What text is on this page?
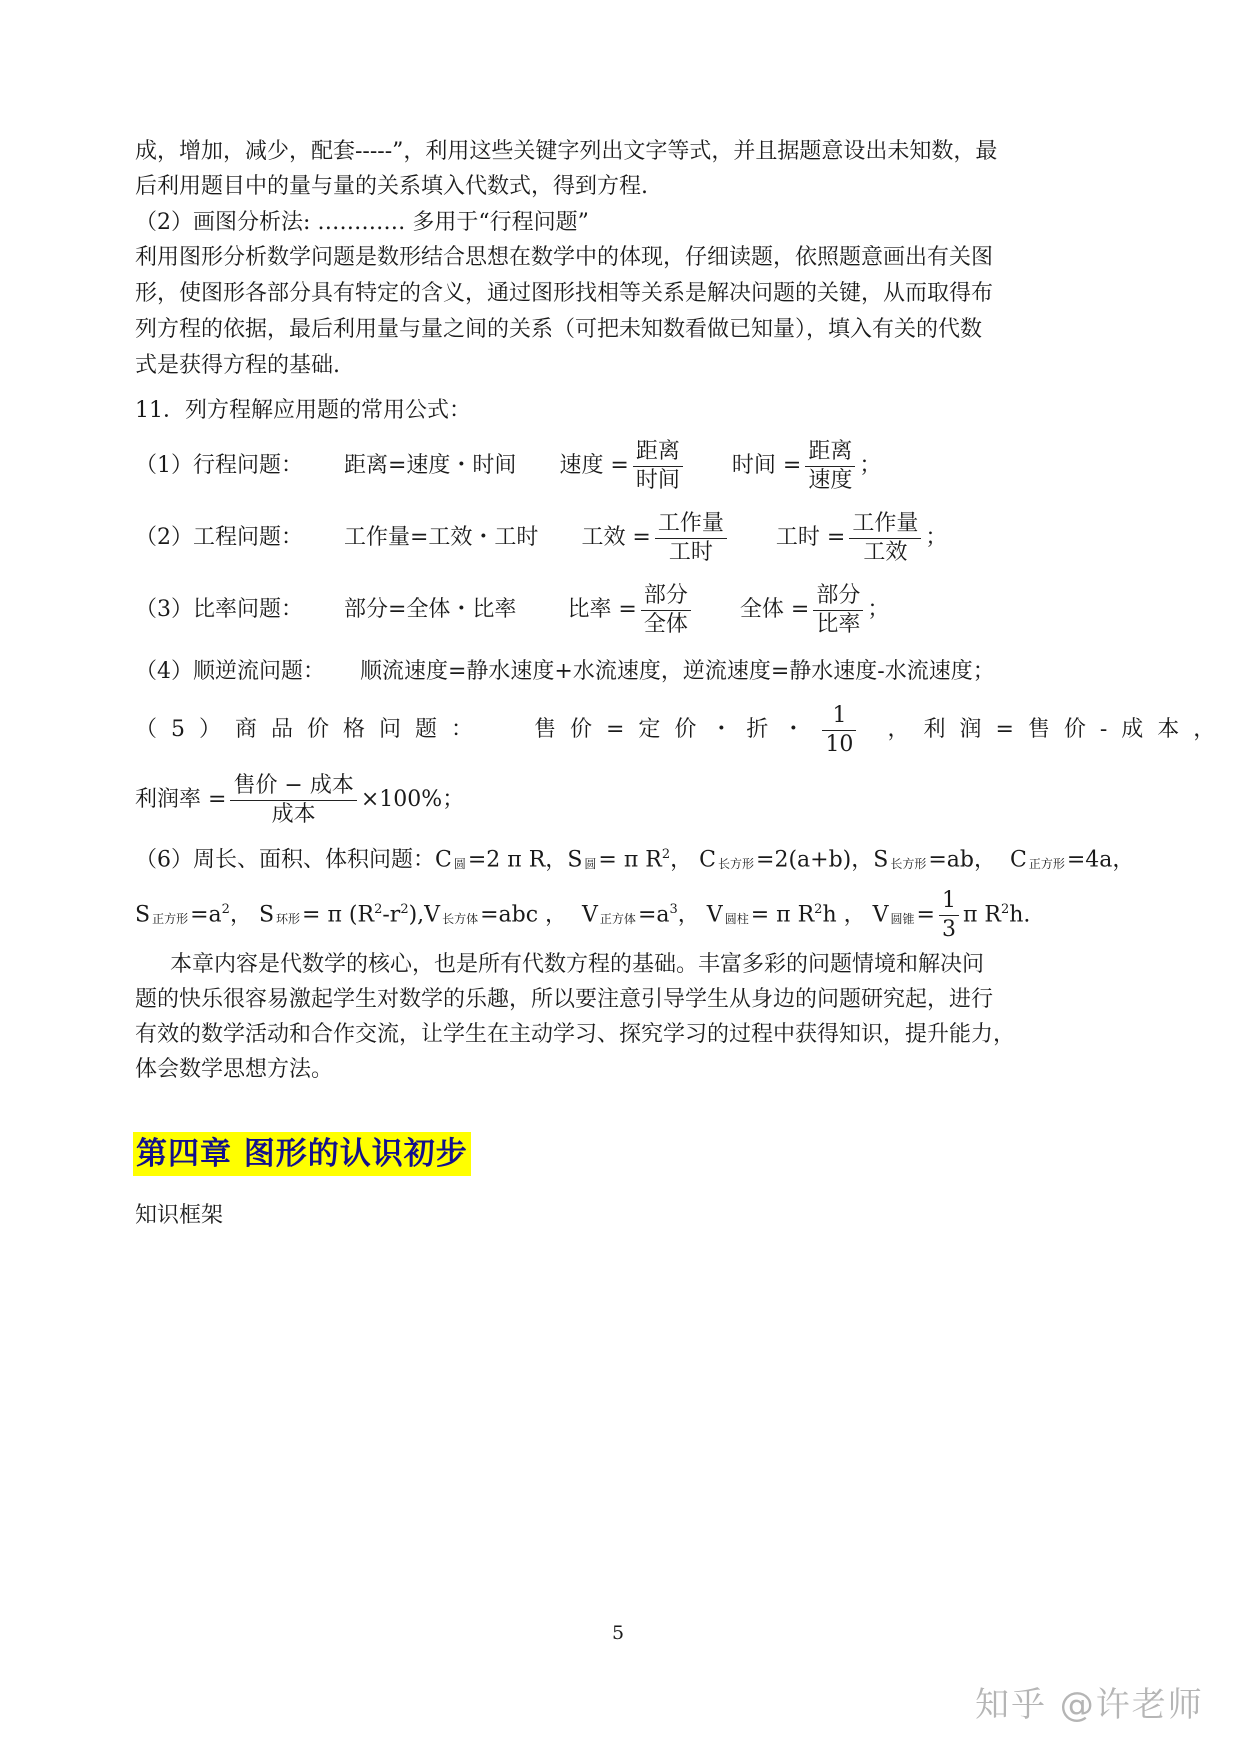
成，增加，减少，配套-----”，利用这些关键字列出文字等式，并且据题意设出未知数，最
后利用题目中的量与量的关系填入代数式，得到方程.
（2）画图分析法: ………… 多用于“行程问题”
利用图形分析数学问题是数形结合思想在数学中的体现，仔细读题，依照题意画出有关图
形，使图形各部分具有特定的含义，通过图形找相等关系是解决问题的关键，从而取得布
列方程的依据，最后利用量与量之间的关系（可把未知数看做已知量），填入有关的代数
式是获得方程的基础.
11．列方程解应用题的常用公式：
（1）行程问题： 距离=速度・时间 速度 = $\frac{\text{距离}}{\text{时间}}$ 时间 = $\frac{\text{距离}}{\text{速度}}$ ；
（2）工程问题： 工作量=工效・工时 工效 = $\frac{\text{工作量}}{\text{工时}}$ 工时 = $\frac{\text{工作量}}{\text{工效}}$ ；
（3）比率问题： 部分=全体・比率 比率 = $\frac{\text{部分}}{\text{全体}}$ 全体 = $\frac{\text{部分}}{\text{比率}}$ ；
（4）顺逆流问题： 顺流速度=静水速度+水流速度，逆流速度=静水速度-水流速度；
（5）商品价格问题： 售价=定价・折・ $\frac{1}{10}$ ，利润=售价-成本，
利润率 = $\frac{\text{售价 − 成本}}{\text{成本}} \times 100\%$；
（6）周长、面积、体积问题：C 圆=2 π R，S 圆= π $R^2$， C 长方形=2(a+b)，S 长方形=ab， C 正方形=4a，
S正方形$=a^2$， S 环形= π $(R^2-r^2),V$ 长方体=abc ， V 正方体$=a^3$， V 圆柱= π $R^2h$ ， V 圆锥= $\frac{1}{3}$ π $R^2h$.
本章内容是代数学的核心，也是所有代数方程的基础。丰富多彩的问题情境和解决问
题的快乐很容易激起学生对数学的乐趣，所以要注意引导学生从身边的问题研究起，进行
有效的数学活动和合作交流，让学生在主动学习、探究学习的过程中获得知识，提升能力，
体会数学思想方法。
第四章 图形的认识初步
知识框架
5
知乎 @许老师
